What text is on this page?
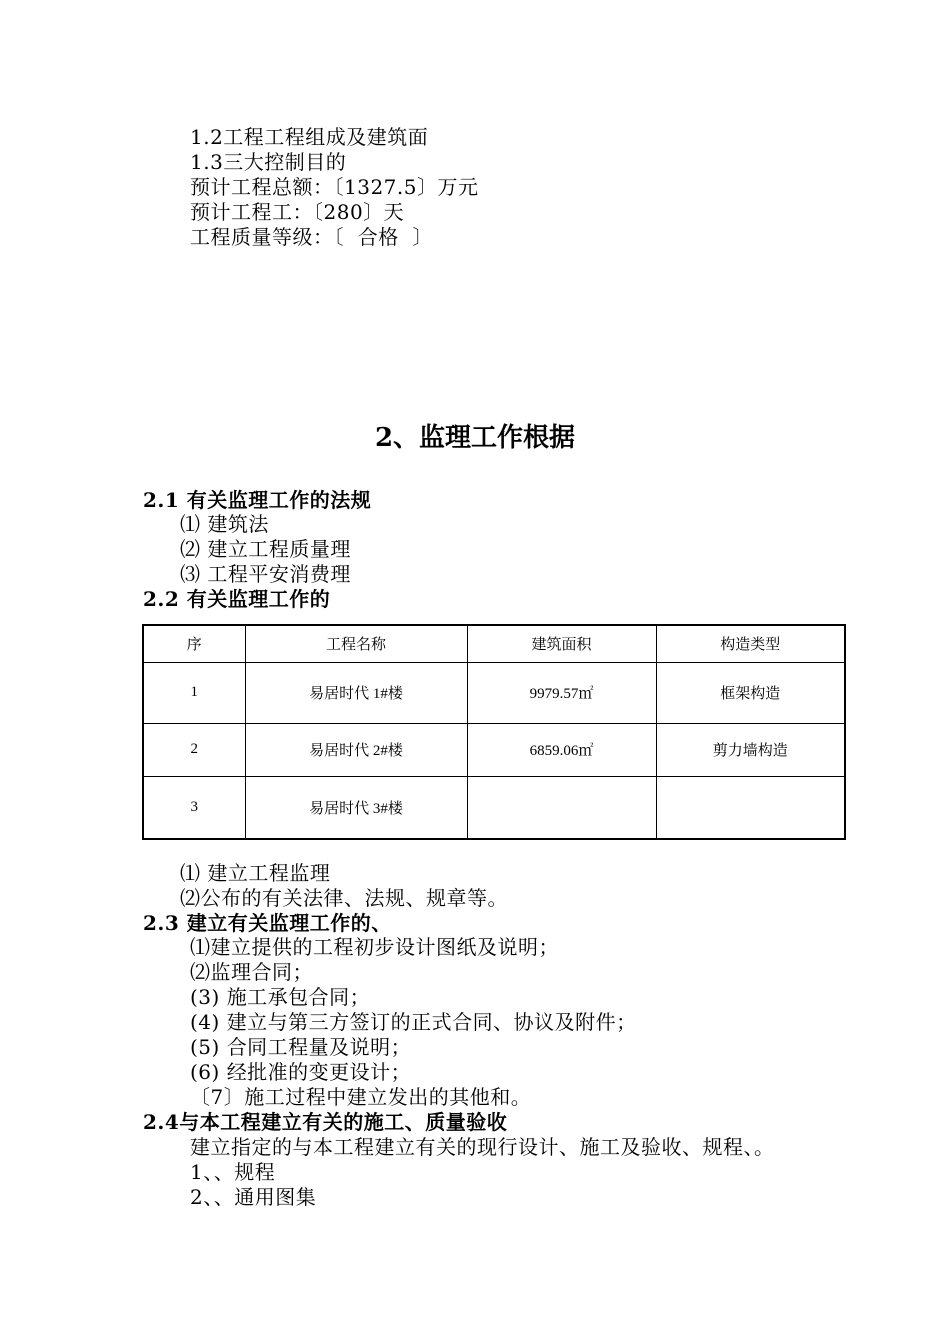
1.2工程工程组成及建筑面
1.3三大控制目的
预计工程总额：〔1327.5〕万元
预计工程工：〔280〕天
工程质量等级：〔  合格  〕
2、监理工作根据
2.1 有关监理工作的法规
⑴ 建筑法
⑵ 建立工程质量理
⑶ 工程平安消费理
2.2 有关监理工作的
序	工程名称	建筑面积	构造类型
1	易居时代 1#楼	9979.57㎡	框架构造
2	易居时代 2#楼	6859.06㎡	剪力墙构造
3	易居时代 3#楼		
⑴ 建立工程监理
⑵公布的有关法律、法规、规章等。
2.3 建立有关监理工作的、
⑴建立提供的工程初步设计图纸及说明；
⑵监理合同；
(3) 施工承包合同；
(4) 建立与第三方签订的正式合同、协议及附件；
(5) 合同工程量及说明；
(6) 经批准的变更设计；
〔7〕施工过程中建立发出的其他和。
2.4与本工程建立有关的施工、质量验收
建立指定的与本工程建立有关的现行设计、施工及验收、规程、。
1、、规程
2、、通用图集
